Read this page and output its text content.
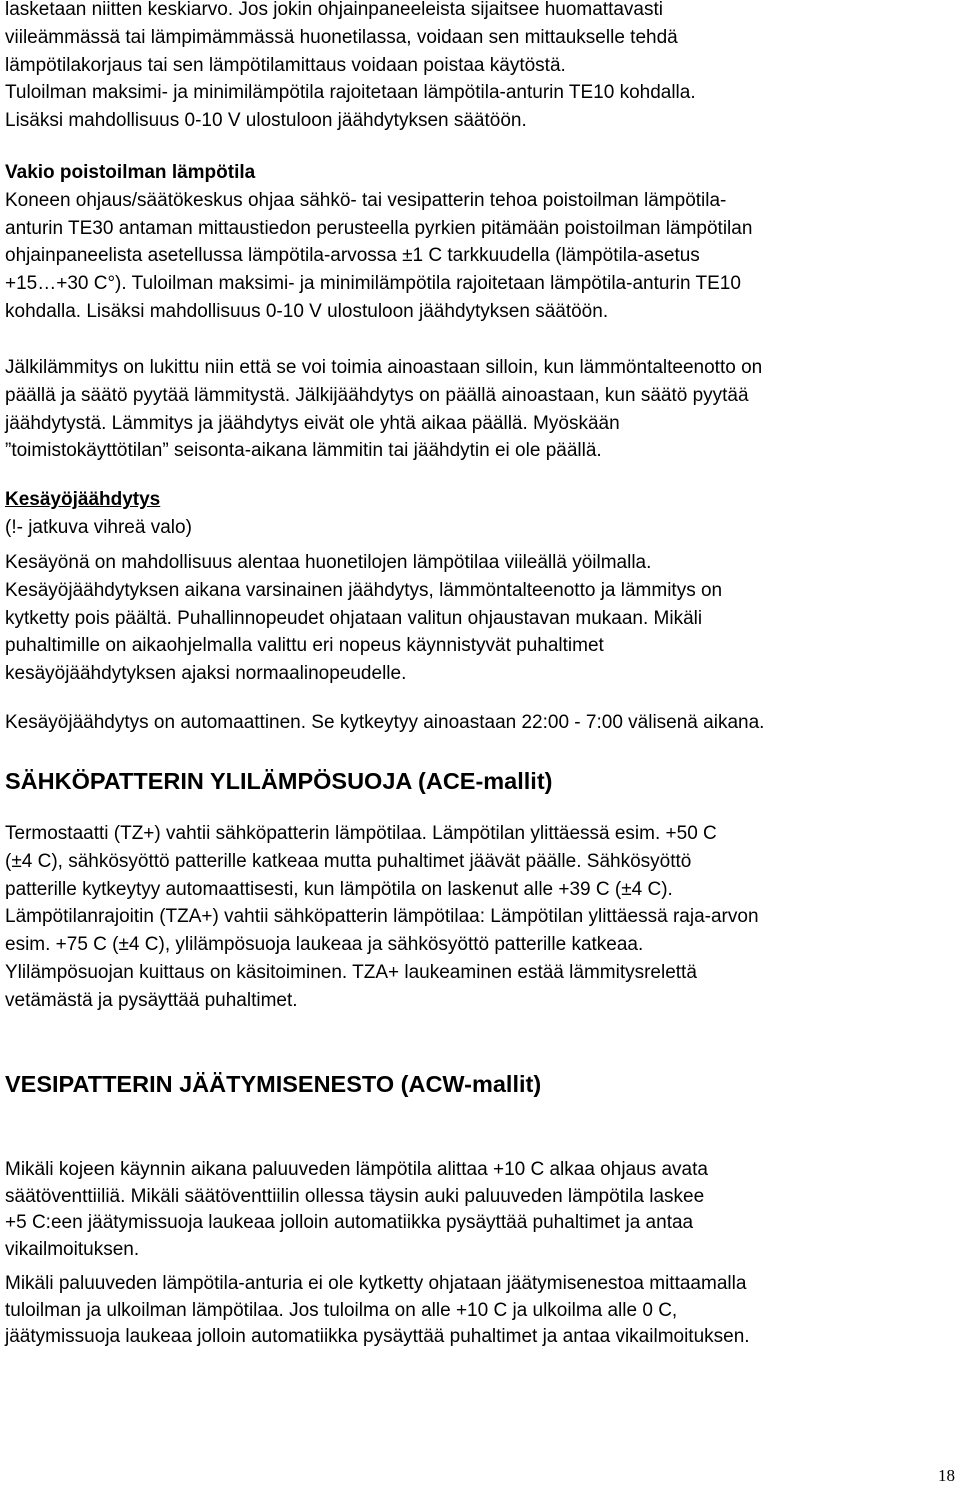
lasketaan niitten keskiarvo. Jos jokin ohjainpaneeleista sijaitsee huomattavasti
viileämmässä tai lämpimämmässä huonetilassa, voidaan sen mittaukselle tehdä
lämpötilakorjaus tai sen lämpötilamittaus voidaan poistaa käytöstä.
Tuloilman maksimi- ja minimilämpötila rajoitetaan lämpötila-anturin TE10 kohdalla.
Lisäksi mahdollisuus 0-10 V ulostuloon jäähdytyksen säätöön.
Vakio poistoilman lämpötila
Koneen ohjaus/säätökeskus ohjaa sähkö- tai vesipatterin tehoa poistoilman lämpötila-
anturin TE30 antaman mittaustiedon perusteella pyrkien pitämään poistoilman lämpötilan
ohjainpaneelista asetellussa lämpötila-arvossa ±1 C tarkkuudella (lämpötila-asetus
+15…+30 C°). Tuloilman maksimi- ja minimilämpötila rajoitetaan lämpötila-anturin TE10
kohdalla. Lisäksi mahdollisuus 0-10 V ulostuloon jäähdytyksen säätöön.
Jälkilämmitys on lukittu niin että se voi toimia ainoastaan silloin, kun lämmöntalteenotto on
päällä ja säätö pyytää lämmitystä. Jälkijäähdytys on päällä ainoastaan, kun säätö pyytää
jäähdytystä. Lämmitys ja jäähdytys eivät ole yhtä aikaa päällä. Myöskään
”toimistokäyttötilan” seisonta-aikana lämmitin tai jäähdytin ei ole päällä.
Kesäyöjäähdytys
(!- jatkuva vihreä valo)
Kesäyönä on mahdollisuus alentaa huonetilojen lämpötilaa viileällä yöilmalla.
Kesäyöjäähdytyksen aikana varsinainen jäähdytys, lämmöntalteenotto ja lämmitys on
kytketty pois päältä. Puhallinnopeudet ohjataan valitun ohjaustavan mukaan. Mikäli
puhaltimille on aikaohjelmalla valittu eri nopeus käynnistyvät puhaltimet
kesäyöjäähdytyksen ajaksi normaalinopeudelle.
Kesäyöjäähdytys on automaattinen. Se kytkeytyy ainoastaan 22:00 - 7:00 välisenä aikana.
SÄHKÖPATTERIN YLILÄMPÖSUOJA (ACE-mallit)
Termostaatti (TZ+) vahtii sähköpatterin lämpötilaa. Lämpötilan ylittäessä esim. +50 C
(±4 C), sähkösyöttö patterille katkeaa mutta puhaltimet jäävät päälle. Sähkösyöttö
patterille kytkeytyy automaattisesti, kun lämpötila on laskenut alle +39 C (±4 C).
Lämpötilanrajoitin (TZA+) vahtii sähköpatterin lämpötilaa: Lämpötilan ylittäessä raja-arvon
esim. +75 C (±4 C), ylilämpösuoja laukeaa ja sähkösyöttö patterille katkeaa.
Ylilämpösuojan kuittaus on käsitoiminen. TZA+ laukeaminen estää lämmitysrelettä
vetämästä ja pysäyttää puhaltimet.
VESIPATTERIN JÄÄTYMISENESTO (ACW-mallit)
Mikäli kojeen käynnin aikana paluuveden lämpötila alittaa +10 C alkaa ohjaus avata
säätöventtiiliä. Mikäli säätöventtiilin ollessa täysin auki paluuveden lämpötila laskee
+5 C:een jäätymissuoja laukeaa jolloin automatiikka pysäyttää puhaltimet ja antaa
vikailmoituksen.
Mikäli paluuveden lämpötila-anturia ei ole kytketty ohjataan jäätymisenestoa mittaamalla
tuloilman ja ulkoilman lämpötilaa. Jos tuloilma on alle +10 C ja ulkoilma alle 0 C,
jäätymissuoja laukeaa jolloin automatiikka pysäyttää puhaltimet ja antaa vikailmoituksen.

18
